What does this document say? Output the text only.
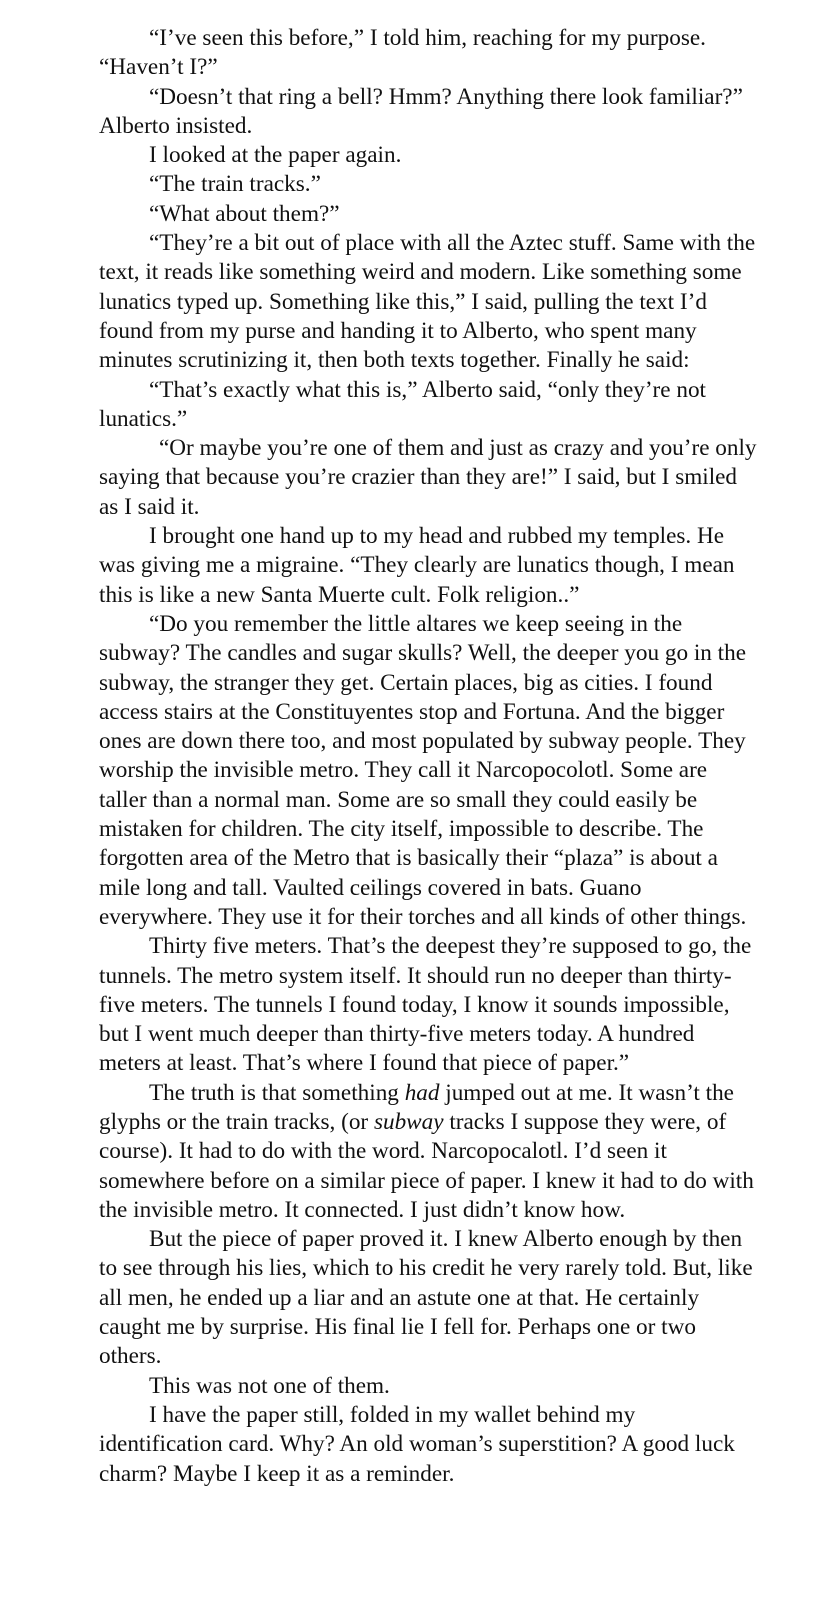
“I’ve seen this before,” I told him, reaching for my purpose. “Haven’t I?”

“Doesn’t that ring a bell? Hmm? Anything there look familiar?” Alberto insisted.

I looked at the paper again.

“The train tracks.”

“What about them?”

“They’re a bit out of place with all the Aztec stuff. Same with the text, it reads like something weird and modern. Like something some lunatics typed up. Something like this,” I said, pulling the text I’d found from my purse and handing it to Alberto, who spent many minutes scrutinizing it, then both texts together. Finally he said:

“That’s exactly what this is,” Alberto said, “only they’re not lunatics.”

“Or maybe you’re one of them and just as crazy and you’re only saying that because you’re crazier than they are!” I said, but I smiled as I said it.

I brought one hand up to my head and rubbed my temples. He was giving me a migraine. “They clearly are lunatics though, I mean this is like a new Santa Muerte cult. Folk religion..”

“Do you remember the little altares we keep seeing in the subway? The candles and sugar skulls? Well, the deeper you go in the subway, the stranger they get. Certain places, big as cities. I found access stairs at the Constituyentes stop and Fortuna. And the bigger ones are down there too, and most populated by subway people. They worship the invisible metro. They call it Narcopocolotl. Some are taller than a normal man. Some are so small they could easily be mistaken for children. The city itself, impossible to describe. The forgotten area of the Metro that is basically their “plaza” is about a mile long and tall. Vaulted ceilings covered in bats. Guano everywhere. They use it for their torches and all kinds of other things.

Thirty five meters. That’s the deepest they’re supposed to go, the tunnels. The metro system itself. It should run no deeper than thirty-five meters. The tunnels I found today, I know it sounds impossible, but I went much deeper than thirty-five meters today. A hundred meters at least. That’s where I found that piece of paper.”

The truth is that something had jumped out at me. It wasn’t the glyphs or the train tracks, (or subway tracks I suppose they were, of course). It had to do with the word. Narcopocalotl. I’d seen it somewhere before on a similar piece of paper. I knew it had to do with the invisible metro. It connected. I just didn’t know how.

But the piece of paper proved it. I knew Alberto enough by then to see through his lies, which to his credit he very rarely told. But, like all men, he ended up a liar and an astute one at that. He certainly caught me by surprise. His final lie I fell for. Perhaps one or two others.

This was not one of them.

I have the paper still, folded in my wallet behind my identification card. Why? An old woman’s superstition? A good luck charm? Maybe I keep it as a reminder.
